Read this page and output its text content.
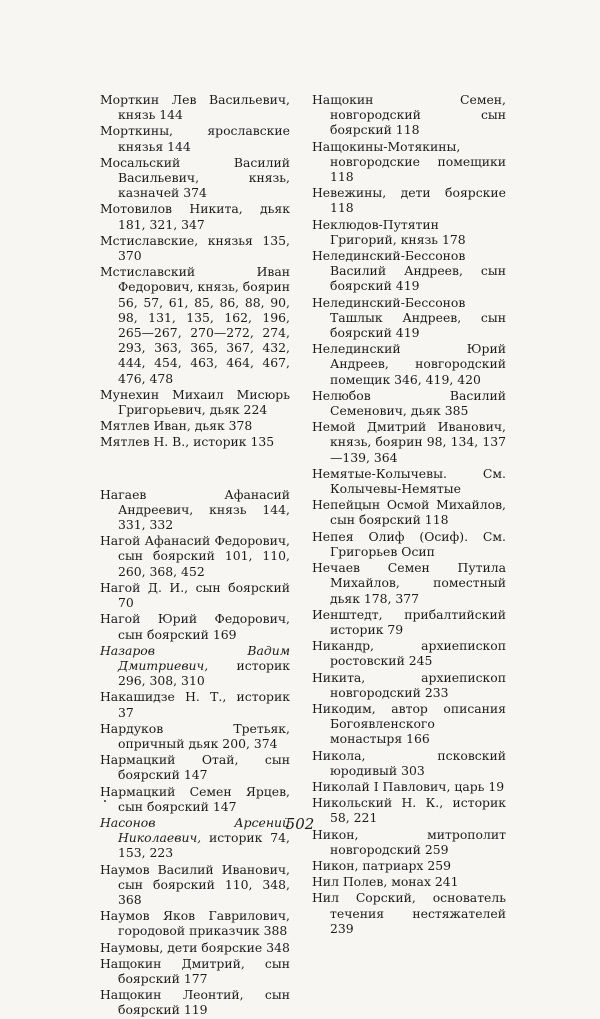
Морткин Лев Васильевич, князь 144
Морткины, ярославские князья 144
Мосальский Василий Васильевич,	князь, казначей 374
Мотовилов Никита, дьяк 181, 321, 347
Мстиславские, князья 135, 370
Мстиславский Иван Федорович, князь, боярин 56, 57, 61, 85, 86, 88, 90, 98, 131, 135, 162, 196, 265—267, 270—272, 274, 293, 363, 365, 367, 432, 444, 454, 463, 464, 467, 476, 478
Мунехин Михаил Мисюрь Григорьевич, дьяк 224
Мятлев Иван, дьяк 378
Мятлев Н. В., историк 135
Нагаев Афанасий Андреевич, князь 144, 331, 332
Нагой Афанасий Федорович, сын боярский 101, 110, 260, 368, 452
Нагой Д. И., сын боярский 70
Нагой Юрий Федорович, сын боярский 169
Назаров Вадим Дмитриевич, историк 296, 308, 310
Накашидзе Н. Т., историк 37
Нардуков Третьяк, опричный дьяк 200, 374
Нармацкий Отай, сын боярский 147
Нармацкий Семен Ярцев, сын боярский 147
Насонов Арсений Николаевич, историк 74, 153, 223
Наумов Василий Иванович, сын боярский 110, 348, 368
Наумов Яков Гаврилович, городовой приказчик 388
Наумовы, дети боярские 348
Нащокин Дмитрий, сын боярский 177
Нащокин Леонтий, сын боярский 119
Нащокин Семен, новгородский	сын боярский 118
Нащокины-Мотякины, новгородские помещики 118
Невежины, дети боярские 118
Неклюдов-Путятин Григорий, князь 178
Нелединский-Бессонов Василий Андреев, сын боярский 419
Нелединский-Бессонов Ташлык Андреев, сын боярский 419
Нелединский Юрий Андреев, новгородский помещик 346, 419, 420
Нелюбов Василий Семенович, дьяк 385
Немой Дмитрий Иванович, князь, боярин 98, 134, 137—139, 364
Немятые-Колычевы. См. Колычевы-Немятые
Непейцын Осмой Михайлов, сын боярский 118
Непея Олиф (Осиф). См. Григорьев Осип
Нечаев Семен Путила Михайлов,	поместный дьяк 178, 377
Иенштедт, прибалтийский историк 79
Никандр, архиепископ ростовский 245
Никита, архиепископ новгородский 233
Никодим, автор описания Богоявленского монастыря 166
Никола, псковский юродивый 303
Николай I Павлович, царь 19
Никольский Н. К., историк 58, 221
Никон, митрополит новгородский 259
Никон, патриарх 259
Нил Полев, монах 241
Нил Сорский, основатель течения нестяжателей 239
502
